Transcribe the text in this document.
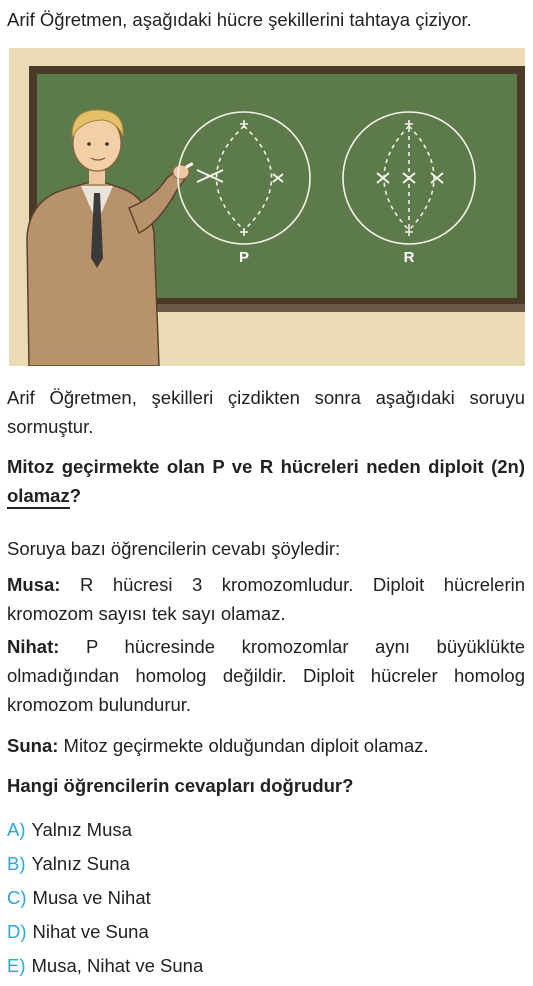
Arif Öğretmen, aşağıdaki hücre şekillerini tahtaya çiziyor.

P	R

Arif Öğretmen, şekilleri çizdikten sonra aşağıdaki soruyu sormuştur.

Mitoz geçirmekte olan P ve R hücreleri neden diploit (2n) olamaz?

Soruya bazı öğrencilerin cevabı şöyledir:

Musa: R hücresi 3 kromozomludur. Diploit hücrelerin kromozom sayısı tek sayı olamaz.

Nihat: P hücresinde kromozomlar aynı büyüklükte olmadığından homolog değildir. Diploit hücreler homolog kromozom bulundurur.

Suna: Mitoz geçirmekte olduğundan diploit olamaz.

Hangi öğrencilerin cevapları doğrudur?

A) Yalnız Musa
B) Yalnız Suna
C) Musa ve Nihat
D) Nihat ve Suna
E) Musa, Nihat ve Suna
